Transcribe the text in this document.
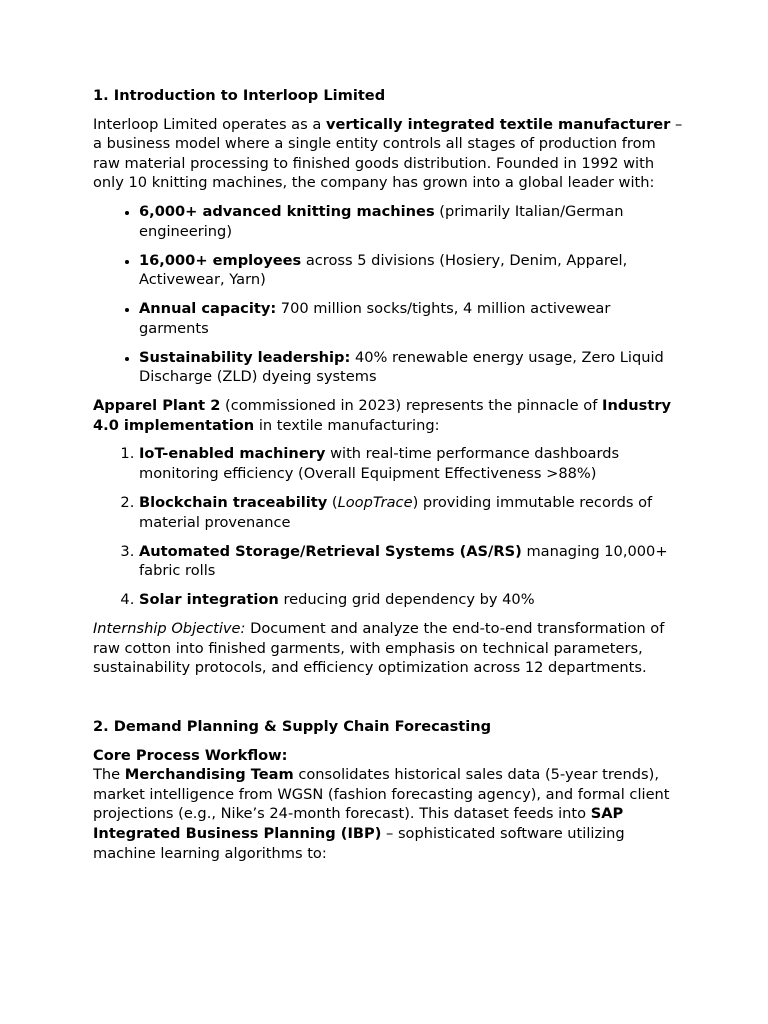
1. Introduction to Interloop Limited

Interloop Limited operates as a vertically integrated textile manufacturer – a business model where a single entity controls all stages of production from raw material processing to finished goods distribution. Founded in 1992 with only 10 knitting machines, the company has grown into a global leader with:

• 6,000+ advanced knitting machines (primarily Italian/German engineering)
• 16,000+ employees across 5 divisions (Hosiery, Denim, Apparel, Activewear, Yarn)
• Annual capacity: 700 million socks/tights, 4 million activewear garments
• Sustainability leadership: 40% renewable energy usage, Zero Liquid Discharge (ZLD) dyeing systems

Apparel Plant 2 (commissioned in 2023) represents the pinnacle of Industry 4.0 implementation in textile manufacturing:

1. IoT-enabled machinery with real-time performance dashboards monitoring efficiency (Overall Equipment Effectiveness >88%)
2. Blockchain traceability (LoopTrace) providing immutable records of material provenance
3. Automated Storage/Retrieval Systems (AS/RS) managing 10,000+ fabric rolls
4. Solar integration reducing grid dependency by 40%

Internship Objective: Document and analyze the end-to-end transformation of raw cotton into finished garments, with emphasis on technical parameters, sustainability protocols, and efficiency optimization across 12 departments.

2. Demand Planning & Supply Chain Forecasting

Core Process Workflow:

The Merchandising Team consolidates historical sales data (5-year trends), market intelligence from WGSN (fashion forecasting agency), and formal client projections (e.g., Nike’s 24-month forecast). This dataset feeds into SAP Integrated Business Planning (IBP) – sophisticated software utilizing machine learning algorithms to:
